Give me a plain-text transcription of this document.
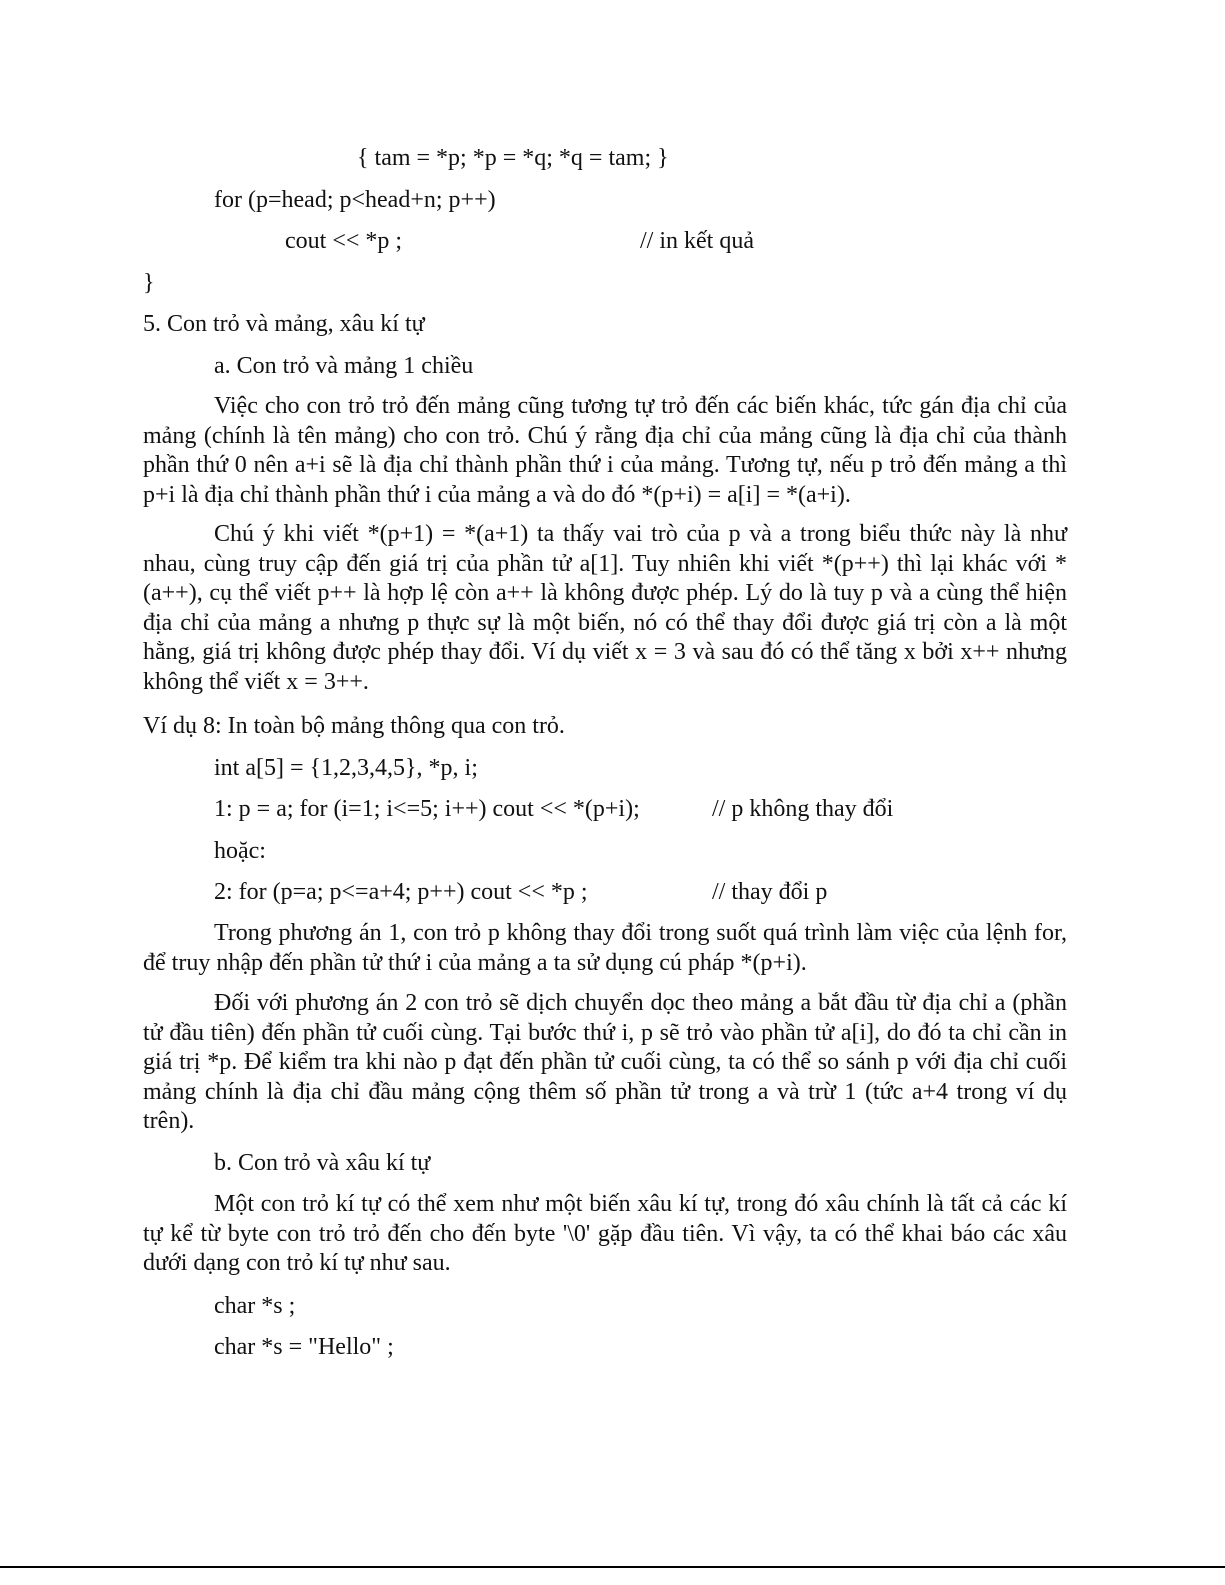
{ tam = *p; *p = *q; *q = tam; }
for (p=head; p<head+n; p++)
cout << *p ;	// in kết quả
}
5. Con trỏ và mảng, xâu kí tự
a. Con trỏ và mảng 1 chiều
Việc cho con trỏ trỏ đến mảng cũng tương tự trỏ đến các biến khác, tức gán địa chỉ của mảng (chính là tên mảng) cho con trỏ. Chú ý rằng địa chỉ của mảng cũng là địa chỉ của thành phần thứ 0 nên a+i sẽ là địa chỉ thành phần thứ i của mảng. Tương tự, nếu p trỏ đến mảng a thì p+i là địa chỉ thành phần thứ i của mảng a và do đó *(p+i) = a[i] = *(a+i).
Chú ý khi viết *(p+1) = *(a+1) ta thấy vai trò của p và a trong biểu thức này là như nhau, cùng truy cập đến giá trị của phần tử a[1]. Tuy nhiên khi viết *(p++) thì lại khác với *(a++), cụ thể viết p++ là hợp lệ còn a++ là không được phép. Lý do là tuy p và a cùng thể hiện địa chỉ của mảng a nhưng p thực sự là một biến, nó có thể thay đổi được giá trị còn a là một hằng, giá trị không được phép thay đổi. Ví dụ viết x = 3 và sau đó có thể tăng x bởi x++ nhưng không thể viết x = 3++.
Ví dụ 8: In toàn bộ mảng thông qua con trỏ.
int a[5] = {1,2,3,4,5}, *p, i;
1: p = a; for (i=1; i<=5; i++) cout << *(p+i);	// p không thay đổi
hoặc:
2: for (p=a; p<=a+4; p++) cout << *p ;	// thay đổi p
Trong phương án 1, con trỏ p không thay đổi trong suốt quá trình làm việc của lệnh for, để truy nhập đến phần tử thứ i của mảng a ta sử dụng cú pháp *(p+i).
Đối với phương án 2 con trỏ sẽ dịch chuyển dọc theo mảng a bắt đầu từ địa chỉ a (phần tử đầu tiên) đến phần tử cuối cùng. Tại bước thứ i, p sẽ trỏ vào phần tử a[i], do đó ta chỉ cần in giá trị *p. Để kiểm tra khi nào p đạt đến phần tử cuối cùng, ta có thể so sánh p với địa chỉ cuối mảng chính là địa chỉ đầu mảng cộng thêm số phần tử trong a và trừ 1 (tức a+4 trong ví dụ trên).
b. Con trỏ và xâu kí tự
Một con trỏ kí tự có thể xem như một biến xâu kí tự, trong đó xâu chính là tất cả các kí tự kể từ byte con trỏ trỏ đến cho đến byte '\0' gặp đầu tiên. Vì vậy, ta có thể khai báo các xâu dưới dạng con trỏ kí tự như sau.
char *s ;
char *s = "Hello" ;
